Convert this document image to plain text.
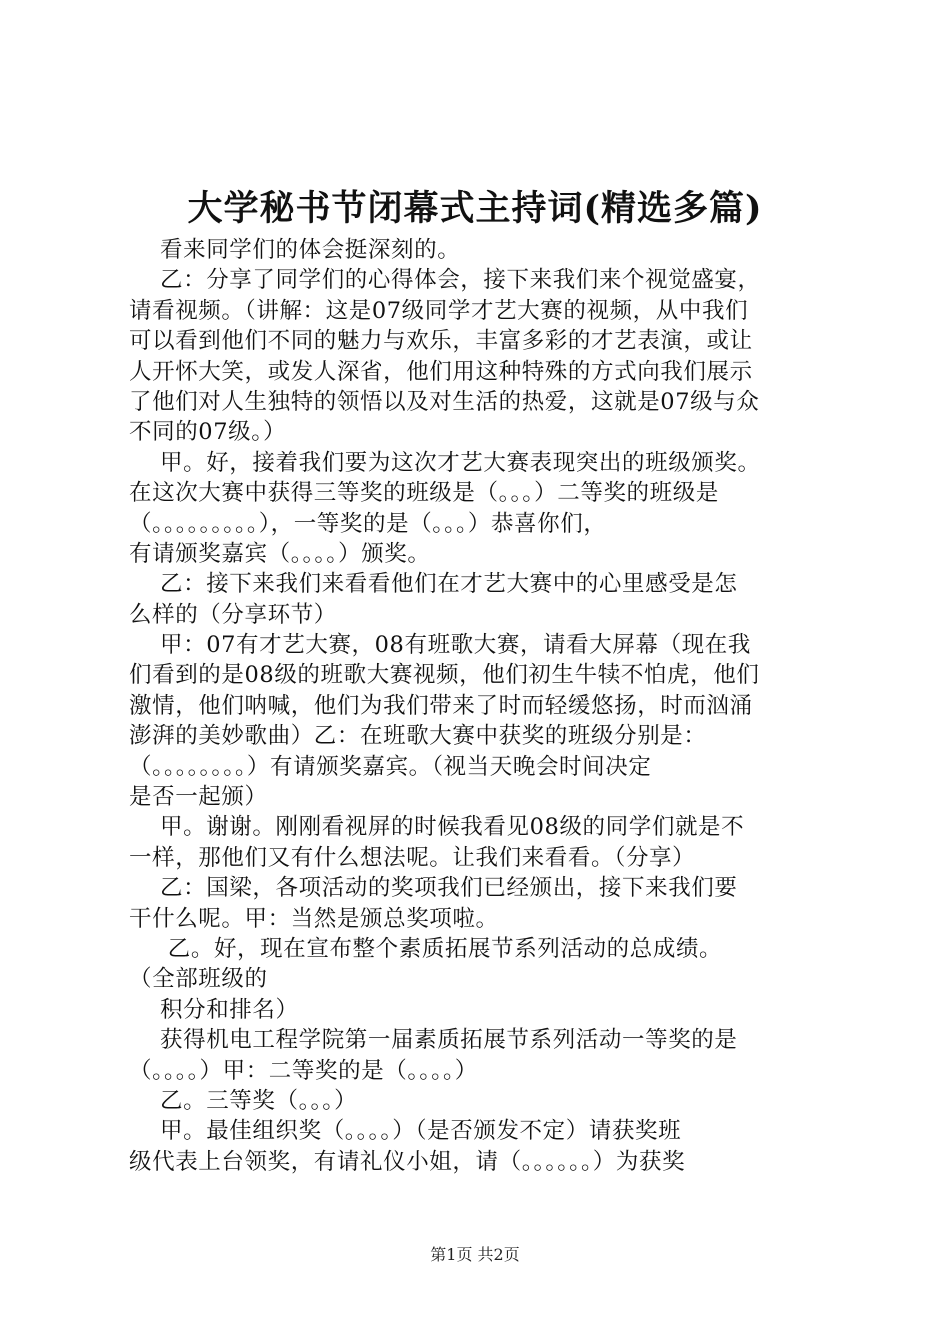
大学秘书节闭幕式主持词(精选多篇)
看来同学们的体会挺深刻的。
乙：分享了同学们的心得体会，接下来我们来个视觉盛宴，
请看视频。（讲解：这是07级同学才艺大赛的视频，从中我们
可以看到他们不同的魅力与欢乐，丰富多彩的才艺表演，或让
人开怀大笑，或发人深省，他们用这种特殊的方式向我们展示
了他们对人生独特的领悟以及对生活的热爱，这就是07级与众
不同的07级。）
甲。好，接着我们要为这次才艺大赛表现突出的班级颁奖。
在这次大赛中获得三等奖的班级是（。。。）二等奖的班级是
（。。。。。。。。。），一等奖的是（。。。）恭喜你们，
有请颁奖嘉宾（。。。。）颁奖。
乙：接下来我们来看看他们在才艺大赛中的心里感受是怎
么样的（分享环节）
甲：07有才艺大赛，08有班歌大赛，请看大屏幕（现在我
们看到的是08级的班歌大赛视频，他们初生牛犊不怕虎，他们
激情，他们呐喊，他们为我们带来了时而轻缓悠扬，时而汹涌
澎湃的美妙歌曲）乙：在班歌大赛中获奖的班级分别是：
（。。。。。。。。）有请颁奖嘉宾。（视当天晚会时间决定
是否一起颁）
甲。谢谢。刚刚看视屏的时候我看见08级的同学们就是不
一样，那他们又有什么想法呢。让我们来看看。（分享）
乙：国梁，各项活动的奖项我们已经颁出，接下来我们要
干什么呢。甲：当然是颁总奖项啦。
乙。好，现在宣布整个素质拓展节系列活动的总成绩。
（全部班级的
积分和排名）
获得机电工程学院第一届素质拓展节系列活动一等奖的是
（。。。。）甲：二等奖的是（。。。。）
乙。三等奖（。。。）
甲。最佳组织奖（。。。。）（是否颁发不定）请获奖班
级代表上台领奖，有请礼仪小姐，请（。。。。。。）为获奖
第1页 共2页
